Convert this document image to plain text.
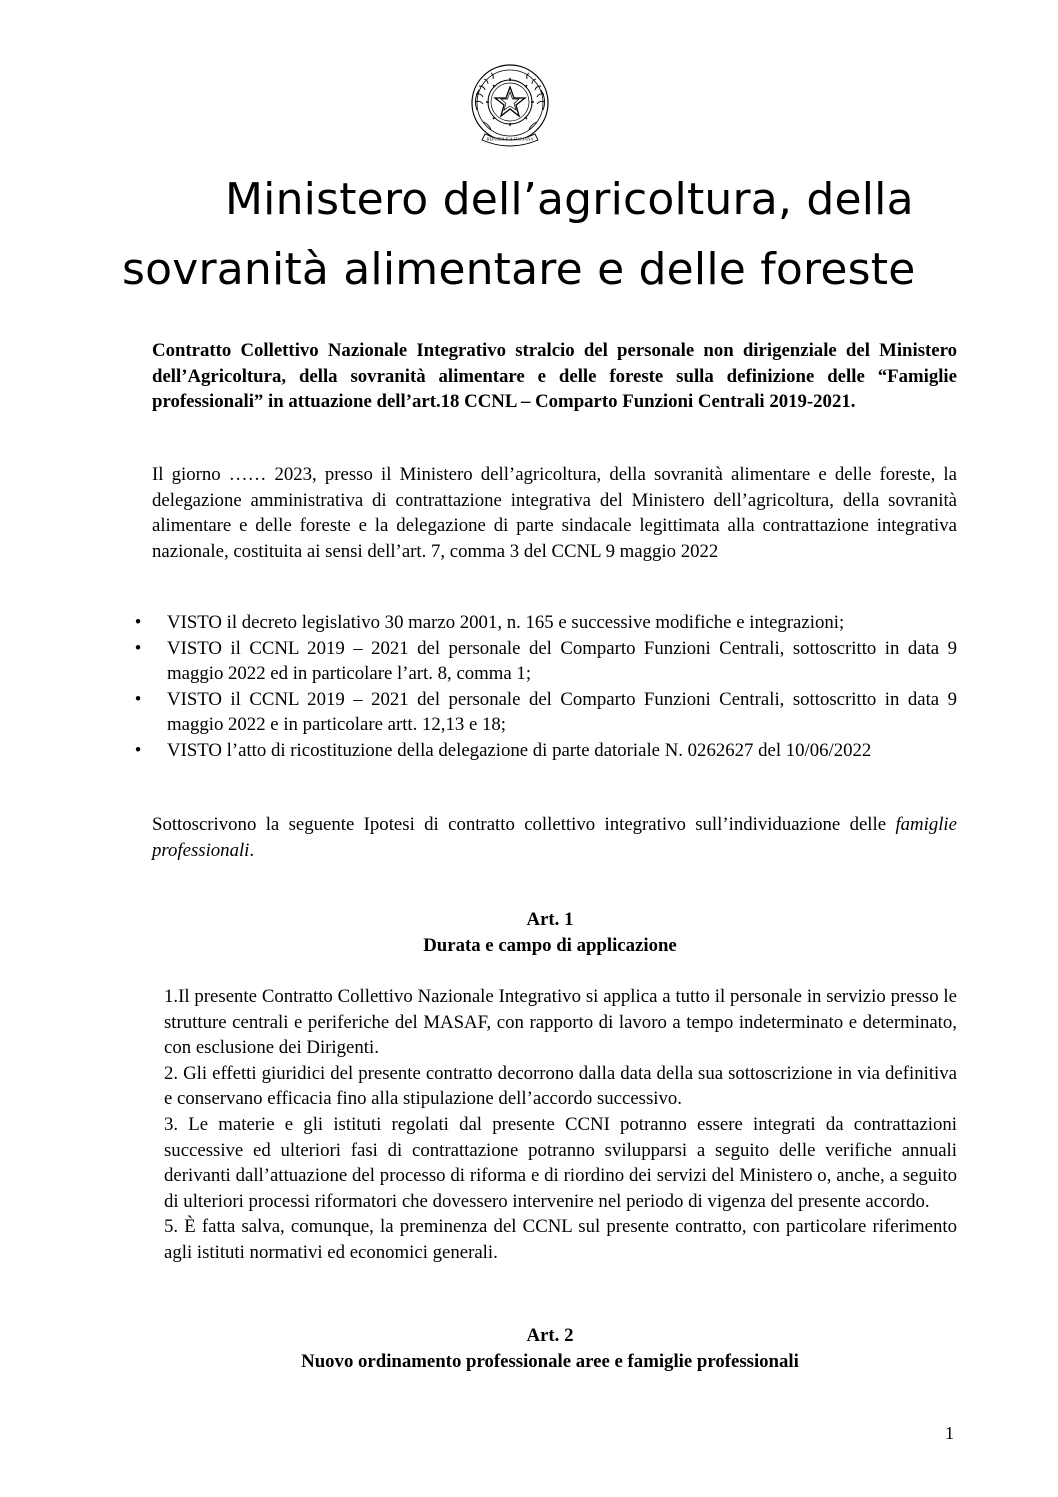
REPUBBLICA ITALIANA
Ministero dell’agricoltura, della
sovranità alimentare e delle foreste

Contratto Collettivo Nazionale Integrativo stralcio del personale non dirigenziale del Ministero dell’Agricoltura, della sovranità alimentare e delle foreste sulla definizione delle “Famiglie professionali” in attuazione dell’art.18 CCNL – Comparto Funzioni Centrali 2019-2021.

Il giorno …… 2023, presso il Ministero dell’agricoltura, della sovranità alimentare e delle foreste, la delegazione amministrativa di contrattazione integrativa del Ministero dell’agricoltura, della sovranità alimentare e delle foreste e la delegazione di parte sindacale legittimata alla contrattazione integrativa nazionale, costituita ai sensi dell’art. 7, comma 3 del CCNL 9 maggio 2022

• VISTO il decreto legislativo 30 marzo 2001, n. 165 e successive modifiche e integrazioni;
• VISTO il CCNL 2019 – 2021 del personale del Comparto Funzioni Centrali, sottoscritto in data 9 maggio 2022 ed in particolare l’art. 8, comma 1;
• VISTO il CCNL 2019 – 2021 del personale del Comparto Funzioni Centrali, sottoscritto in data 9 maggio 2022 e in particolare artt. 12,13 e 18;
• VISTO l’atto di ricostituzione della delegazione di parte datoriale N. 0262627 del 10/06/2022

Sottoscrivono la seguente Ipotesi di contratto collettivo integrativo sull’individuazione delle famiglie professionali.

Art. 1
Durata e campo di applicazione

1.Il presente Contratto Collettivo Nazionale Integrativo si applica a tutto il personale in servizio presso le strutture centrali e periferiche del MASAF, con rapporto di lavoro a tempo indeterminato e determinato, con esclusione dei Dirigenti.

2. Gli effetti giuridici del presente contratto decorrono dalla data della sua sottoscrizione in via definitiva e conservano efficacia fino alla stipulazione dell’accordo successivo.

3. Le materie e gli istituti regolati dal presente CCNI potranno essere integrati da contrattazioni successive ed ulteriori fasi di contrattazione potranno svilupparsi a seguito delle verifiche annuali derivanti dall’attuazione del processo di riforma e di riordino dei servizi del Ministero o, anche, a seguito di ulteriori processi riformatori che dovessero intervenire nel periodo di vigenza del presente accordo.

5. È fatta salva, comunque, la preminenza del CCNL sul presente contratto, con particolare riferimento agli istituti normativi ed economici generali.

Art. 2
Nuovo ordinamento professionale aree e famiglie professionali
1
